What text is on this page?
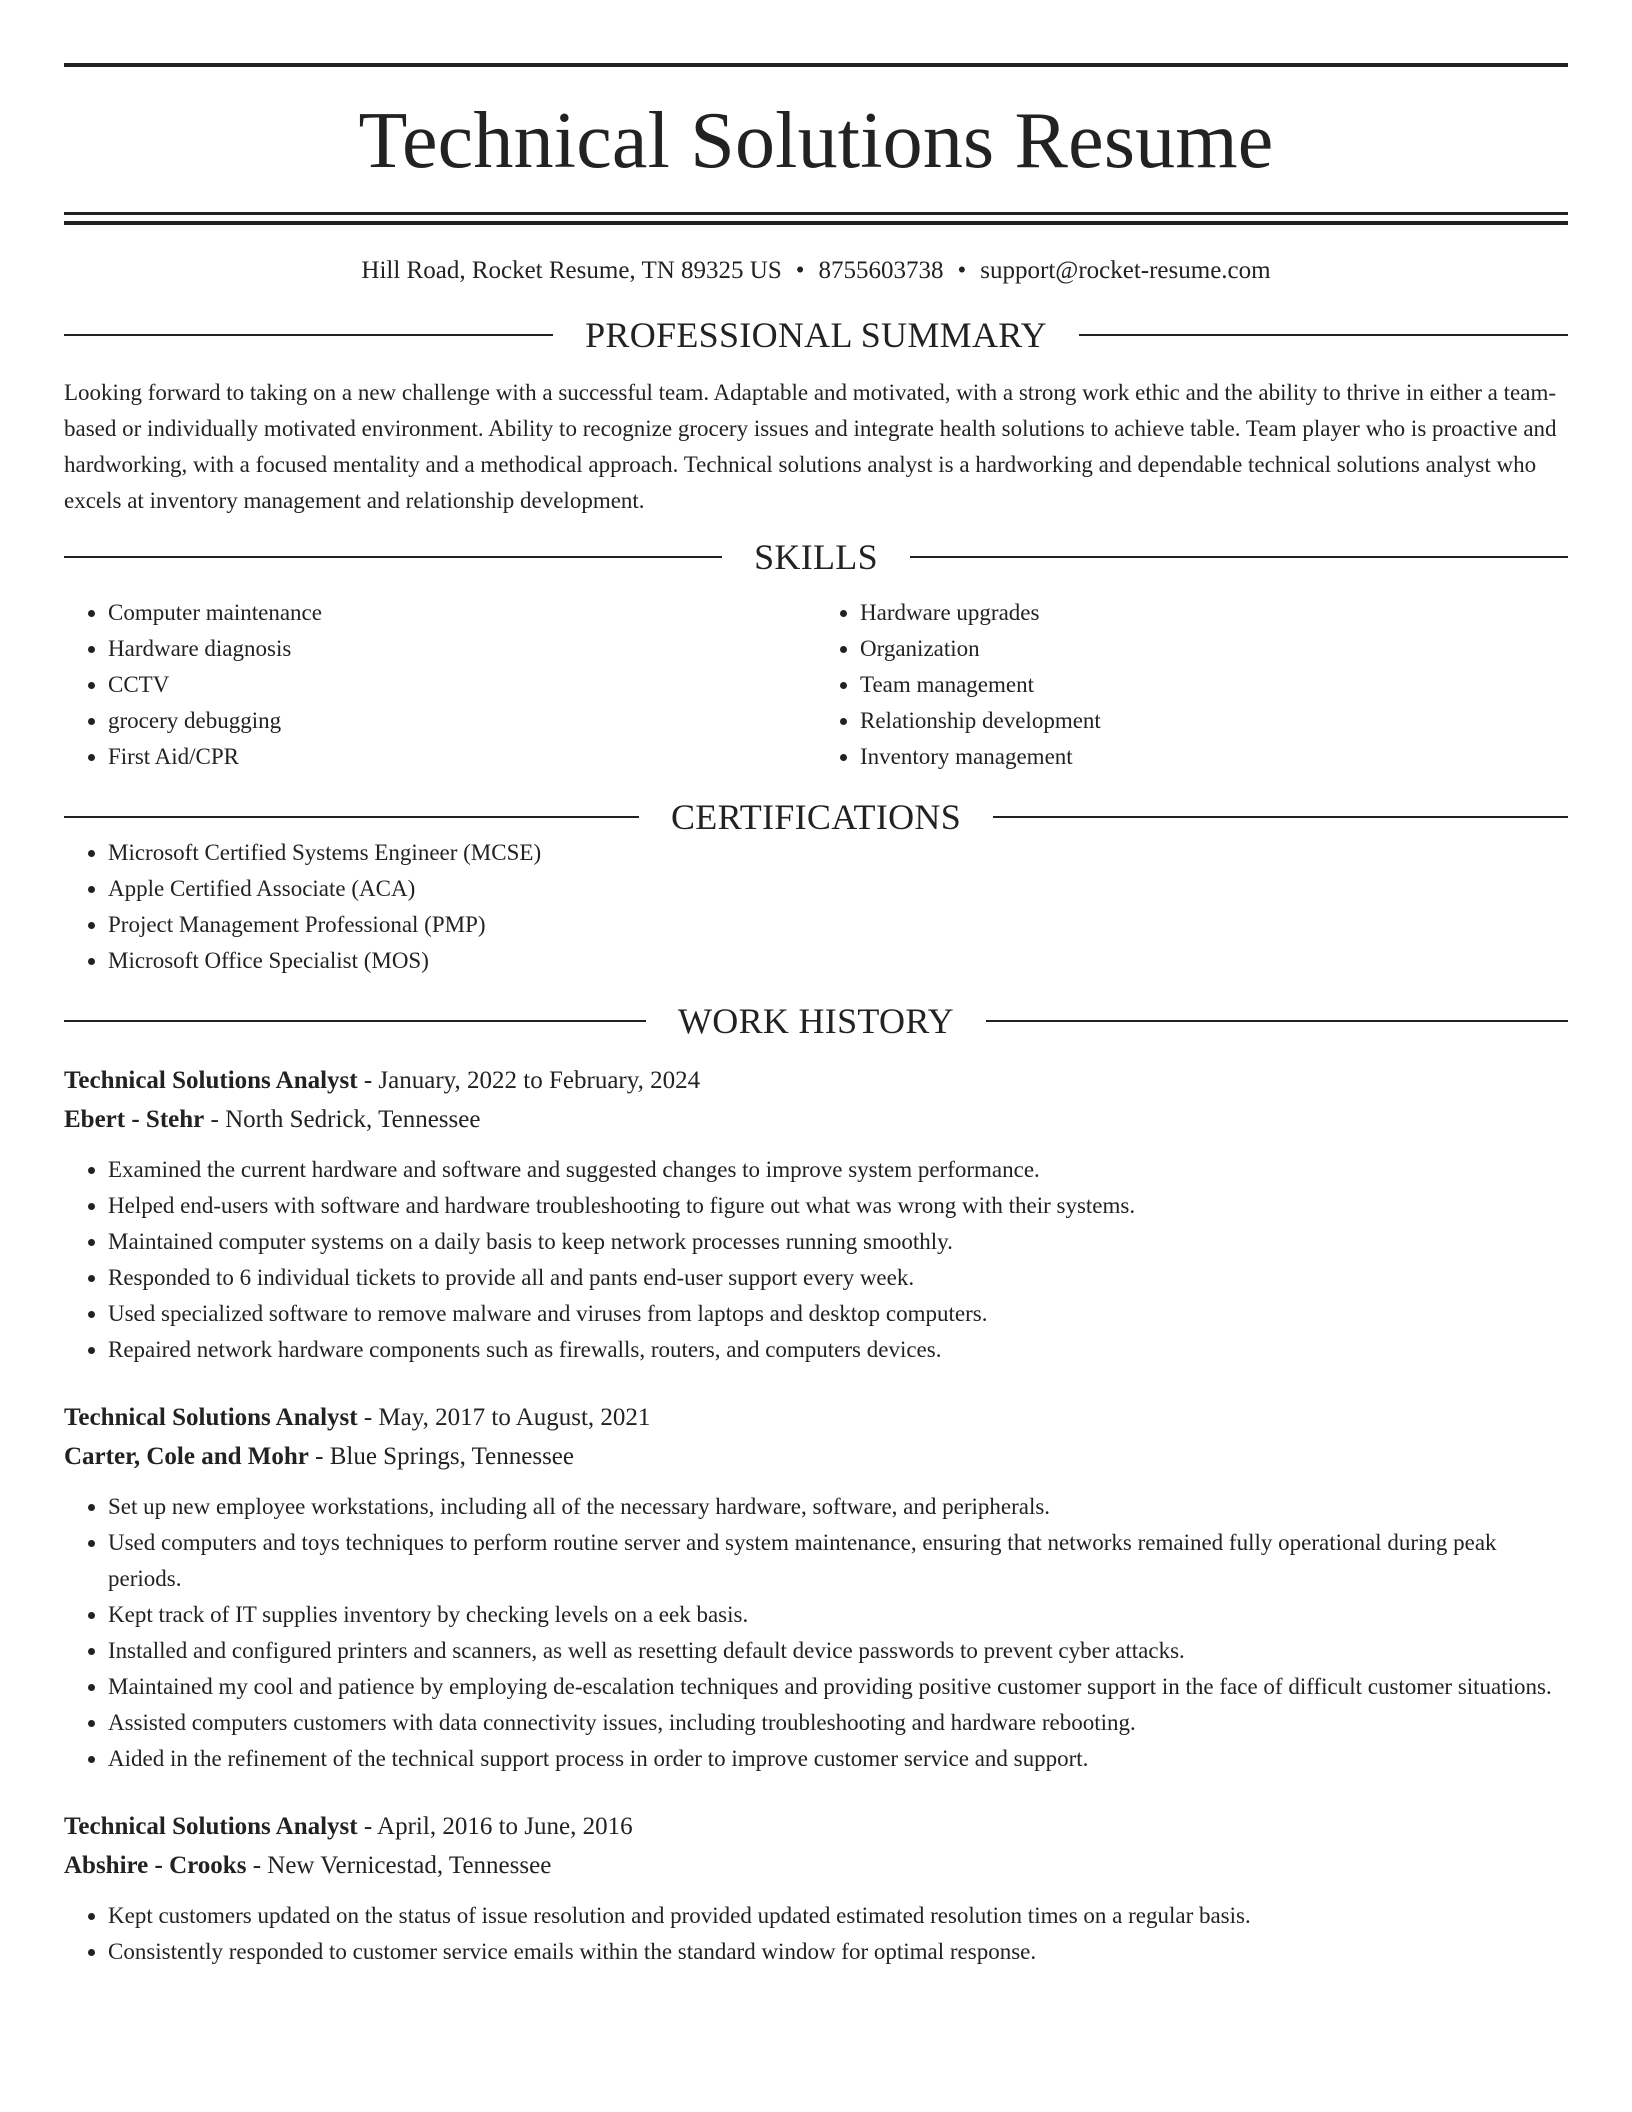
Technical Solutions Resume
Hill Road, Rocket Resume, TN 89325 US • 8755603738 • support@rocket-resume.com
PROFESSIONAL SUMMARY

Looking forward to taking on a new challenge with a successful team. Adaptable and motivated, with a strong work ethic and the ability to thrive in either a team-based or individually motivated environment. Ability to recognize grocery issues and integrate health solutions to achieve table. Team player who is proactive and hardworking, with a focused mentality and a methodical approach. Technical solutions analyst is a hardworking and dependable technical solutions analyst who excels at inventory management and relationship development.

SKILLS
• Computer maintenance
• Hardware diagnosis
• CCTV
• grocery debugging
• First Aid/CPR
• Hardware upgrades
• Organization
• Team management
• Relationship development
• Inventory management
CERTIFICATIONS
• Microsoft Certified Systems Engineer (MCSE)
• Apple Certified Associate (ACA)
• Project Management Professional (PMP)
• Microsoft Office Specialist (MOS)
WORK HISTORY
Technical Solutions Analyst - January, 2022 to February, 2024
Ebert - Stehr - North Sedrick, Tennessee
• Examined the current hardware and software and suggested changes to improve system performance.
• Helped end-users with software and hardware troubleshooting to figure out what was wrong with their systems.
• Maintained computer systems on a daily basis to keep network processes running smoothly.
• Responded to 6 individual tickets to provide all and pants end-user support every week.
• Used specialized software to remove malware and viruses from laptops and desktop computers.
• Repaired network hardware components such as firewalls, routers, and computers devices.
Technical Solutions Analyst - May, 2017 to August, 2021
Carter, Cole and Mohr - Blue Springs, Tennessee
• Set up new employee workstations, including all of the necessary hardware, software, and peripherals.
• Used computers and toys techniques to perform routine server and system maintenance, ensuring that networks remained fully operational during peak periods.
• Kept track of IT supplies inventory by checking levels on a eek basis.
• Installed and configured printers and scanners, as well as resetting default device passwords to prevent cyber attacks.
• Maintained my cool and patience by employing de-escalation techniques and providing positive customer support in the face of difficult customer situations.
• Assisted computers customers with data connectivity issues, including troubleshooting and hardware rebooting.
• Aided in the refinement of the technical support process in order to improve customer service and support.
Technical Solutions Analyst - April, 2016 to June, 2016
Abshire - Crooks - New Vernicestad, Tennessee
• Kept customers updated on the status of issue resolution and provided updated estimated resolution times on a regular basis.
• Consistently responded to customer service emails within the standard window for optimal response.
